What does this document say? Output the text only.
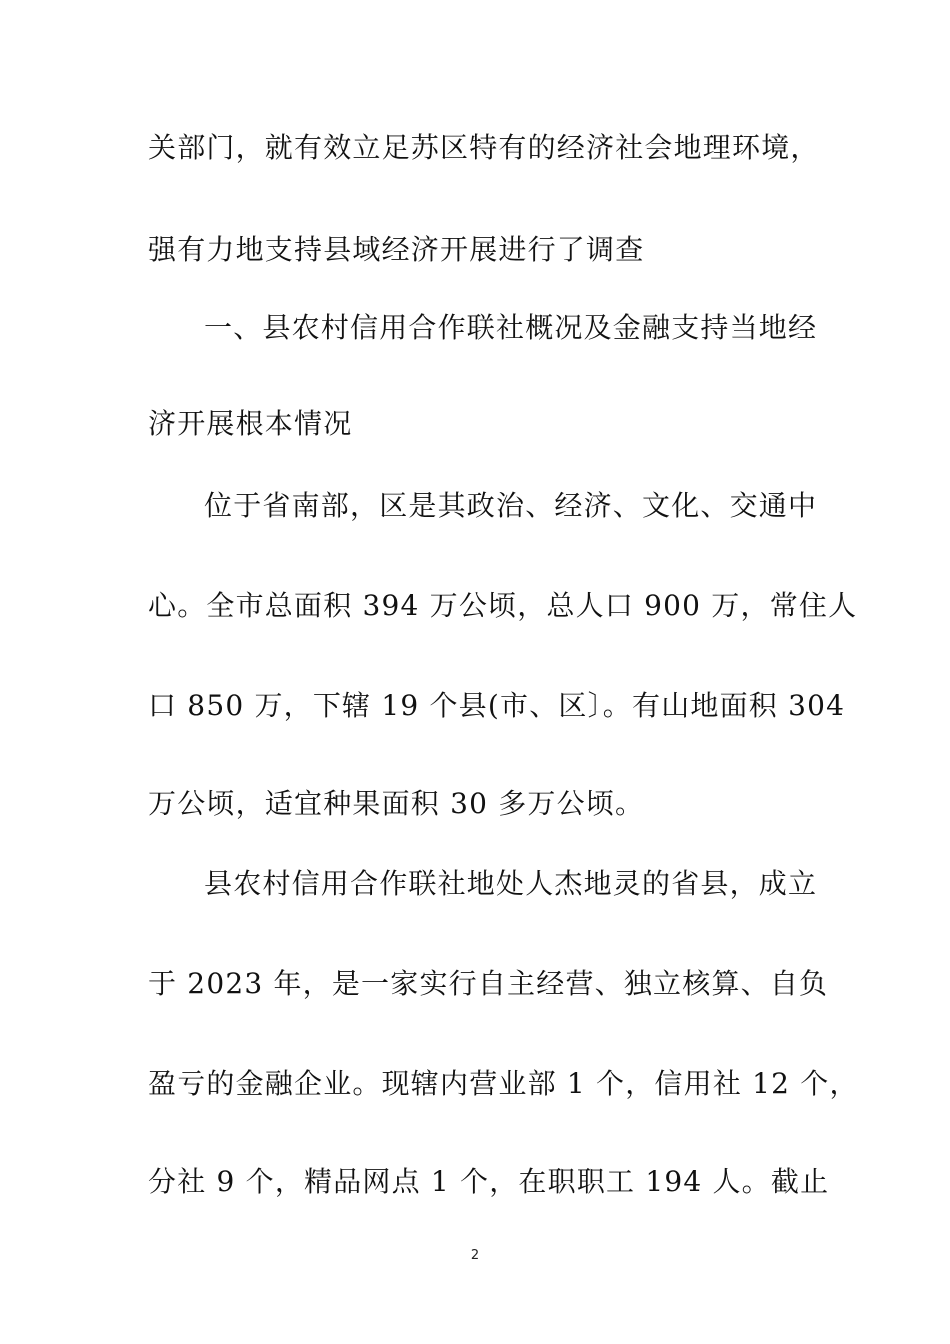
关部门，就有效立足苏区特有的经济社会地理环境，
强有力地支持县域经济开展进行了调查
一、县农村信用合作联社概况及金融支持当地经
济开展根本情况
位于省南部，区是其政治、经济、文化、交通中
心。全市总面积 394 万公顷，总人口 900 万，常住人
口 850 万，下辖 19 个县(市、区〕。有山地面积 304
万公顷，适宜种果面积 30 多万公顷。
县农村信用合作联社地处人杰地灵的省县，成立
于 2023 年，是一家实行自主经营、独立核算、自负
盈亏的金融企业。现辖内营业部 1 个，信用社 12 个，
分社 9 个，精品网点 1 个，在职职工 194 人。截止
2
